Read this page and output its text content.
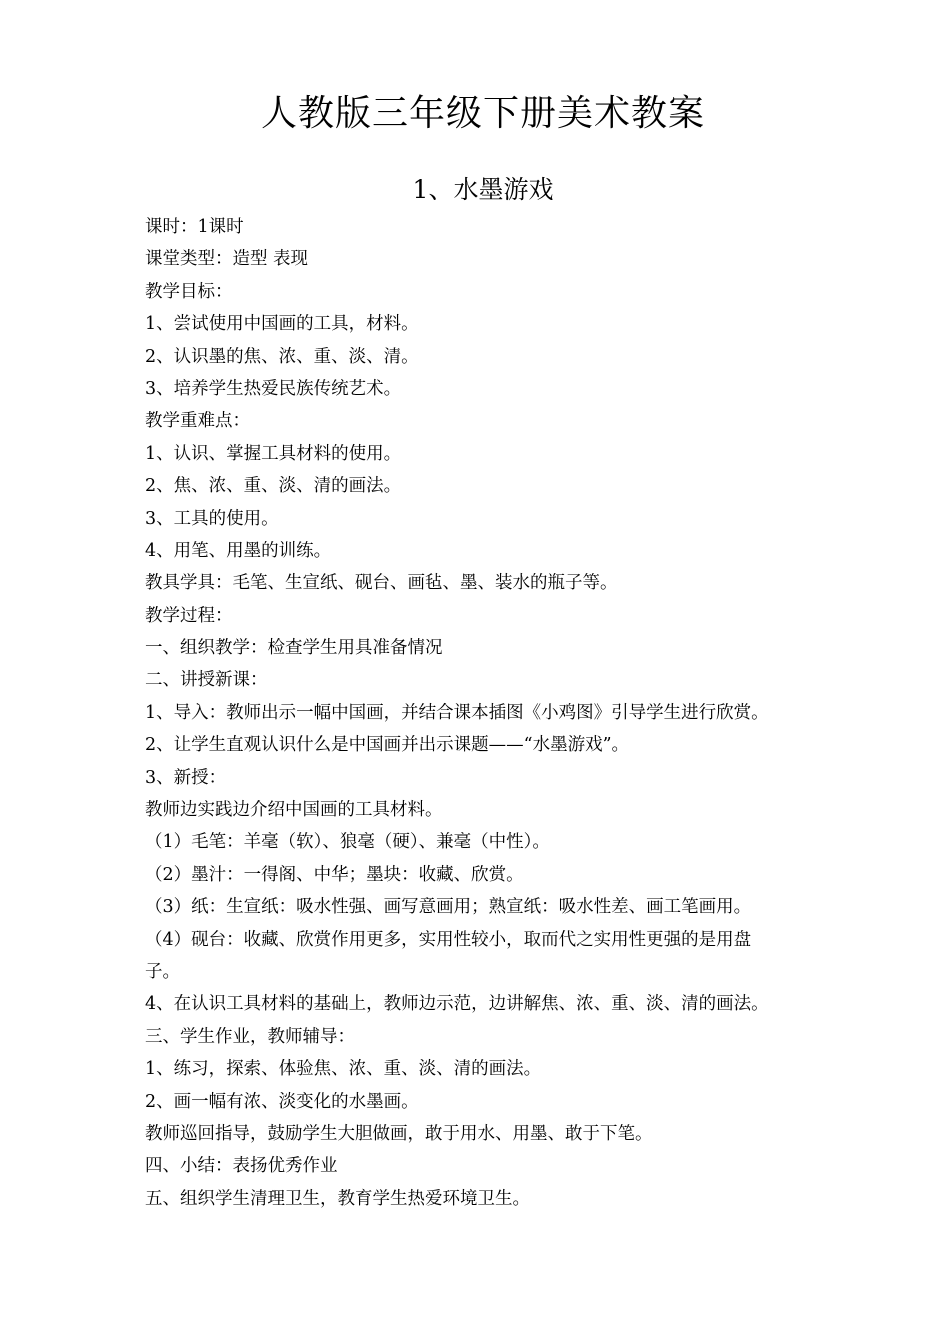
人教版三年级下册美术教案
1、水墨游戏
课时：1课时
课堂类型：造型 表现
教学目标：
1、尝试使用中国画的工具，材料。
2、认识墨的焦、浓、重、淡、清。
3、培养学生热爱民族传统艺术。
教学重难点：
1、认识、掌握工具材料的使用。
2、焦、浓、重、淡、清的画法。
3、工具的使用。
4、用笔、用墨的训练。
教具学具：毛笔、生宣纸、砚台、画毡、墨、装水的瓶子等。
教学过程：
一、组织教学：检查学生用具准备情况
二、讲授新课：
1、导入：教师出示一幅中国画，并结合课本插图《小鸡图》引导学生进行欣赏。
2、让学生直观认识什么是中国画并出示课题——“水墨游戏”。
3、新授：
教师边实践边介绍中国画的工具材料。
（1）毛笔：羊毫（软）、狼毫（硬）、兼毫（中性）。
（2）墨汁：一得阁、中华；墨块：收藏、欣赏。
（3）纸：生宣纸：吸水性强、画写意画用；熟宣纸：吸水性差、画工笔画用。
（4）砚台：收藏、欣赏作用更多，实用性较小，取而代之实用性更强的是用盘
子。
4、在认识工具材料的基础上，教师边示范，边讲解焦、浓、重、淡、清的画法。
三、学生作业，教师辅导：
1、练习，探索、体验焦、浓、重、淡、清的画法。
2、画一幅有浓、淡变化的水墨画。
教师巡回指导，鼓励学生大胆做画，敢于用水、用墨、敢于下笔。
四、小结：表扬优秀作业
五、组织学生清理卫生，教育学生热爱环境卫生。
